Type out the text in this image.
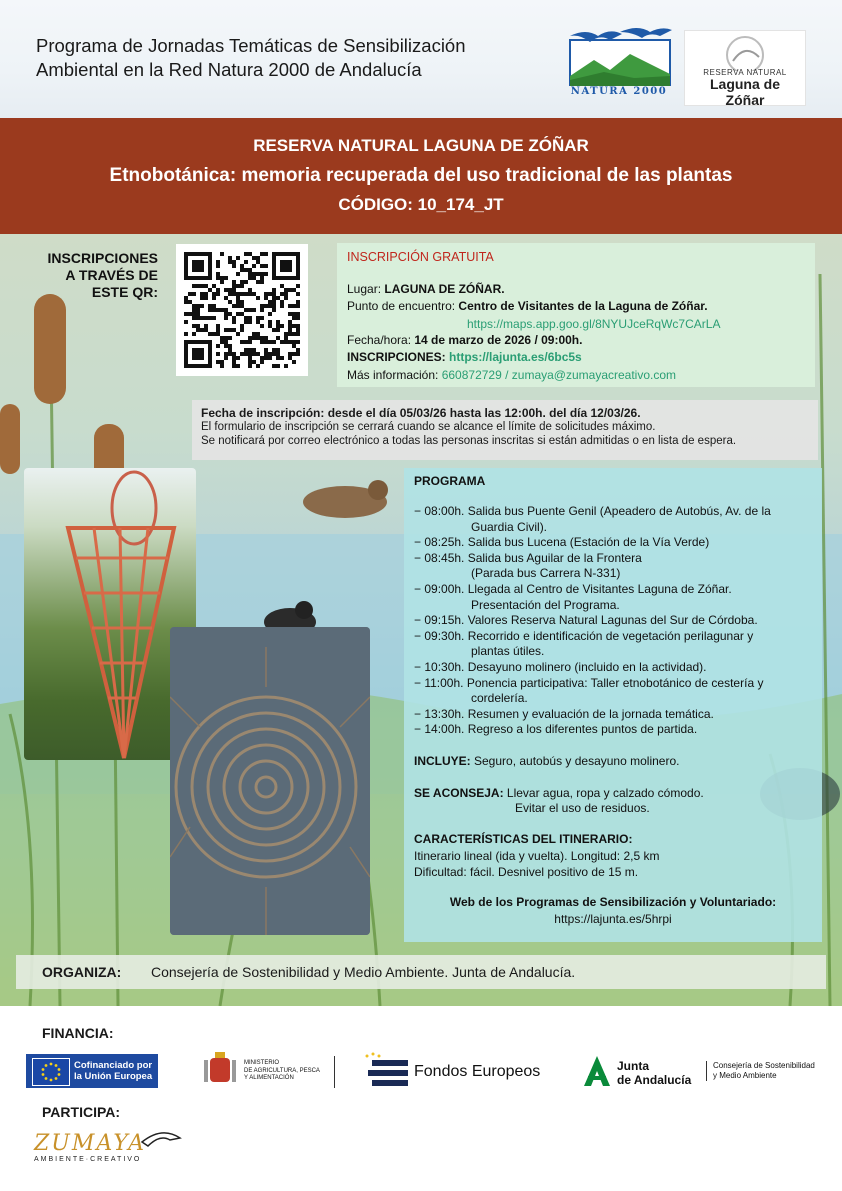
Programa de Jornadas Temáticas de Sensibilización
Ambiental en la Red Natura 2000 de Andalucía
NATURA 2000
RESERVA NATURAL
Laguna de Zóñar
RESERVA NATURAL LAGUNA DE ZÓÑAR
Etnobotánica: memoria recuperada del uso tradicional de las plantas
CÓDIGO: 10_174_JT
INSCRIPCIONES
A TRAVÉS DE
ESTE QR:
INSCRIPCIÓN GRATUITA
Lugar: LAGUNA DE ZÓÑAR.
Punto de encuentro: Centro de Visitantes de la Laguna de Zóñar.
https://maps.app.goo.gl/8NYUJceRqWc7CArLA
Fecha/hora: 14 de marzo de 2026 / 09:00h.
INSCRIPCIONES: https://lajunta.es/6bc5s
Más información: 660872729 / zumaya@zumayacreativo.com
Fecha de inscripción: desde el día 05/03/26 hasta las 12:00h. del día 12/03/26.
El formulario de inscripción se cerrará cuando se alcance el límite de solicitudes máximo.
Se notificará por correo electrónico a todas las personas inscritas si están admitidas o en lista de espera.
PROGRAMA
− 08:00h. Salida bus Puente Genil (Apeadero de Autobús, Av. de la
Guardia Civil).
− 08:25h. Salida bus Lucena (Estación de la Vía Verde)
− 08:45h. Salida bus Aguilar de la Frontera
(Parada bus Carrera N-331)
− 09:00h. Llegada al Centro de Visitantes Laguna de Zóñar.
Presentación del Programa.
− 09:15h. Valores Reserva Natural Lagunas del Sur de Córdoba.
− 09:30h. Recorrido e identificación de vegetación perilagunar y
plantas útiles.
− 10:30h. Desayuno molinero (incluido en la actividad).
− 11:00h. Ponencia participativa: Taller etnobotánico de cestería y
cordelería.
− 13:30h. Resumen y evaluación de la jornada temática.
− 14:00h. Regreso a los diferentes puntos de partida.
INCLUYE: Seguro, autobús y desayuno molinero.
SE ACONSEJA: Llevar agua, ropa y calzado cómodo.
Evitar el uso de residuos.
CARACTERÍSTICAS DEL ITINERARIO:
Itinerario lineal (ida y vuelta). Longitud: 2,5 km
Dificultad: fácil. Desnivel positivo de 15 m.
Web de los Programas de Sensibilización y Voluntariado:
https://lajunta.es/5hrpi
ORGANIZA: Consejería de Sostenibilidad y Medio Ambiente. Junta de Andalucía.
FINANCIA:
Cofinanciado por
la Unión Europea
MINISTERIO
DE AGRICULTURA, PESCA
Y ALIMENTACIÓN	Fondos Europeos	Junta
de Andalucía
Consejería de Sostenibilidad
y Medio Ambiente
PARTICIPA:
ZUMAYA
AMBIENTE·CREATIVO
